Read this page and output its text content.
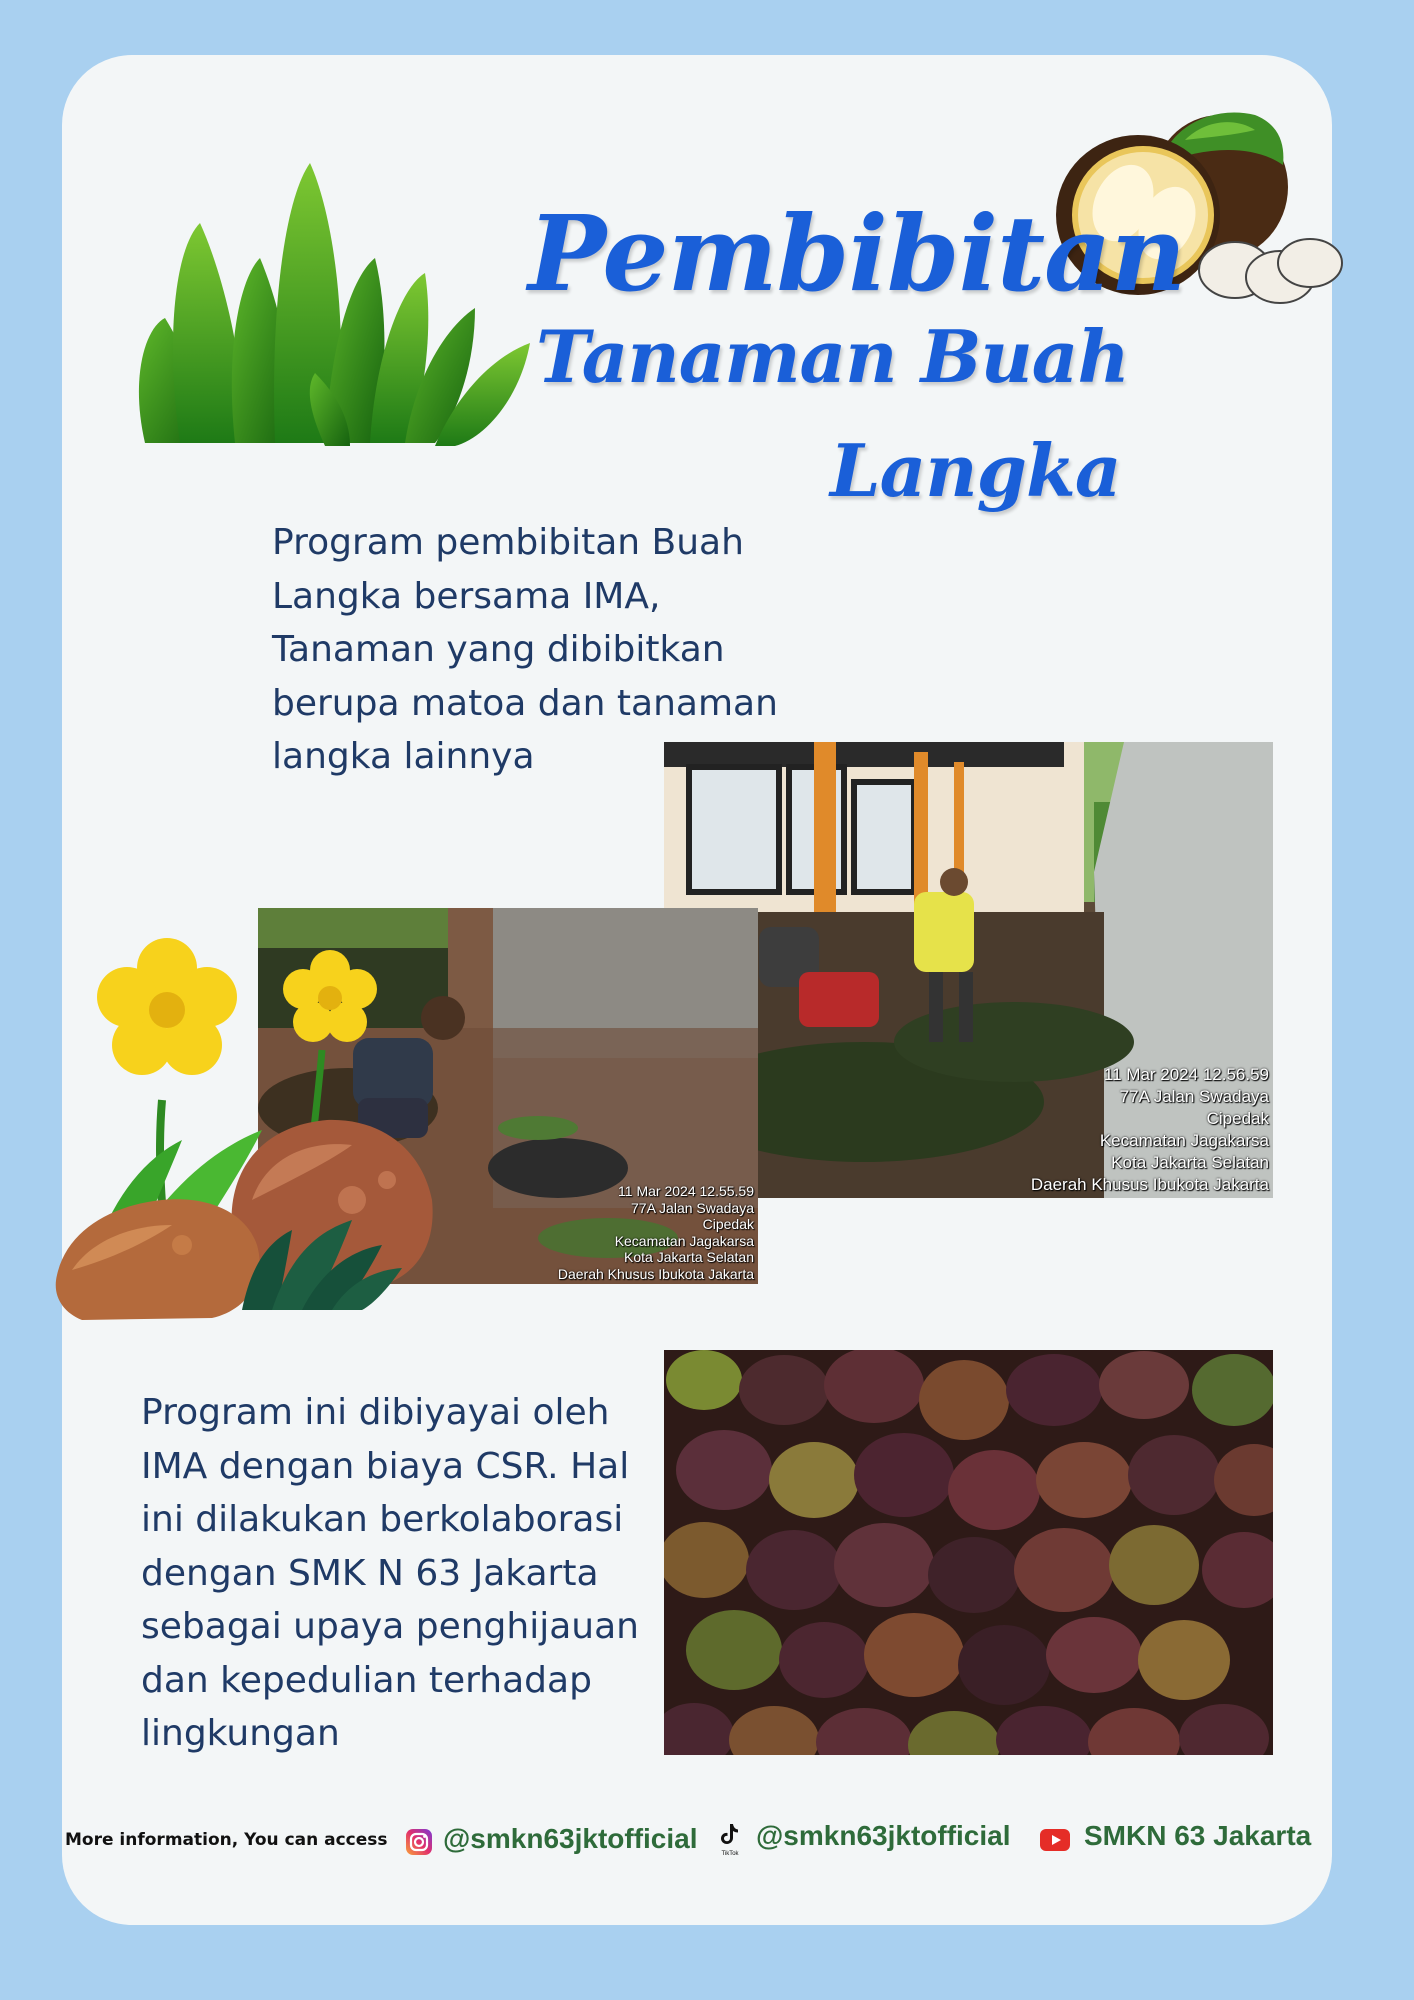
Pembibitan
Tanaman Buah
Langka
Program pembibitan Buah Langka bersama IMA, Tanaman yang dibibitkan berupa matoa dan tanaman langka lainnya
11 Mar 2024 12.56.59
77A Jalan Swadaya
Cipedak
Kecamatan Jagakarsa
Kota Jakarta Selatan
Daerah Khusus Ibukota Jakarta
11 Mar 2024 12.55.59
77A Jalan Swadaya
Cipedak
Kecamatan Jagakarsa
Kota Jakarta Selatan
Daerah Khusus Ibukota Jakarta
Program ini dibiyayai oleh IMA dengan biaya CSR. Hal ini dilakukan berkolaborasi dengan SMK N 63 Jakarta sebagai upaya penghijauan dan kepedulian terhadap lingkungan
More information, You can access @smkn63jktofficial	TikTok
@smkn63jktofficial	SMKN 63 Jakarta
